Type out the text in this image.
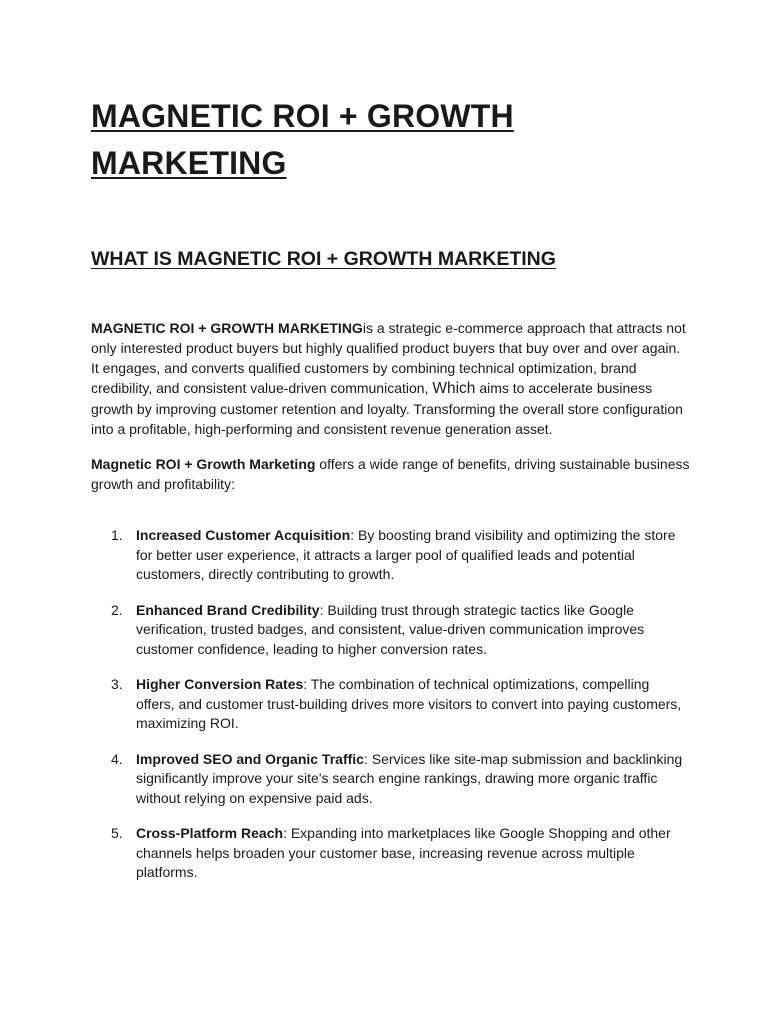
MAGNETIC ROI + GROWTH MARKETING
WHAT IS MAGNETIC ROI + GROWTH MARKETING

MAGNETIC ROI + GROWTH MARKETINGis a strategic e-commerce approach that attracts not only interested product buyers but highly qualified product buyers that buy over and over again. It engages, and converts qualified customers by combining technical optimization, brand credibility, and consistent value-driven communication, Which aims to accelerate business growth by improving customer retention and loyalty. Transforming the overall store configuration into a profitable, high-performing and consistent revenue generation asset.

Magnetic ROI + Growth Marketing offers a wide range of benefits, driving sustainable business growth and profitability:

1. Increased Customer Acquisition: By boosting brand visibility and optimizing the store for better user experience, it attracts a larger pool of qualified leads and potential customers, directly contributing to growth.
2. Enhanced Brand Credibility: Building trust through strategic tactics like Google verification, trusted badges, and consistent, value-driven communication improves customer confidence, leading to higher conversion rates.
3. Higher Conversion Rates: The combination of technical optimizations, compelling offers, and customer trust-building drives more visitors to convert into paying customers, maximizing ROI.
4. Improved SEO and Organic Traffic: Services like site-map submission and backlinking significantly improve your site's search engine rankings, drawing more organic traffic without relying on expensive paid ads.
5. Cross-Platform Reach: Expanding into marketplaces like Google Shopping and other channels helps broaden your customer base, increasing revenue across multiple platforms.
